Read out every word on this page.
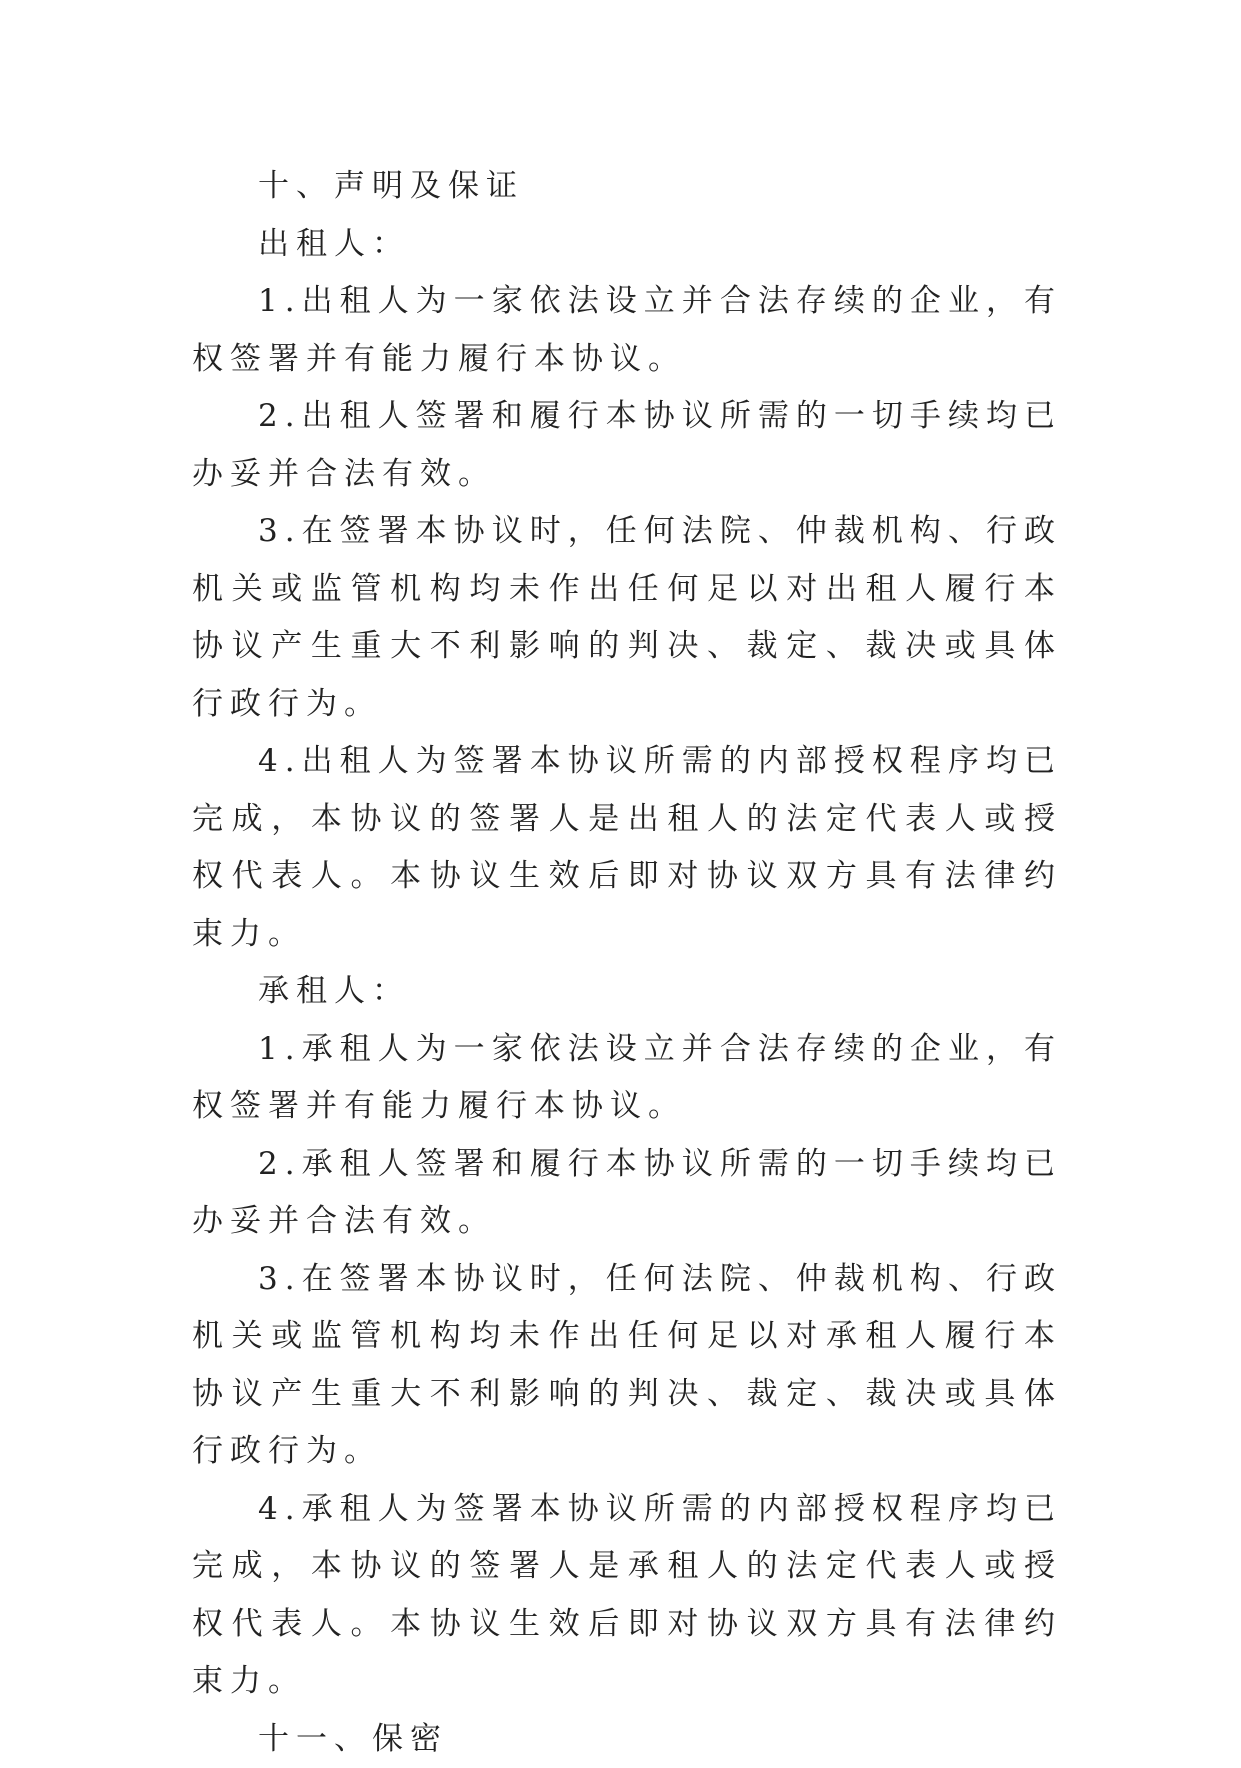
十、声明及保证

出租人：

1.出租人为一家依法设立并合法存续的企业，有权签署并有能力履行本协议。

2.出租人签署和履行本协议所需的一切手续均已办妥并合法有效。

3.在签署本协议时，任何法院、仲裁机构、行政机关或监管机构均未作出任何足以对出租人履行本协议产生重大不利影响的判决、裁定、裁决或具体行政行为。

4.出租人为签署本协议所需的内部授权程序均已完成，本协议的签署人是出租人的法定代表人或授权代表人。本协议生效后即对协议双方具有法律约束力。

承租人：

1.承租人为一家依法设立并合法存续的企业，有权签署并有能力履行本协议。

2.承租人签署和履行本协议所需的一切手续均已办妥并合法有效。

3.在签署本协议时，任何法院、仲裁机构、行政机关或监管机构均未作出任何足以对承租人履行本协议产生重大不利影响的判决、裁定、裁决或具体行政行为。

4.承租人为签署本协议所需的内部授权程序均已完成，本协议的签署人是承租人的法定代表人或授权代表人。本协议生效后即对协议双方具有法律约束力。

十一、保密
